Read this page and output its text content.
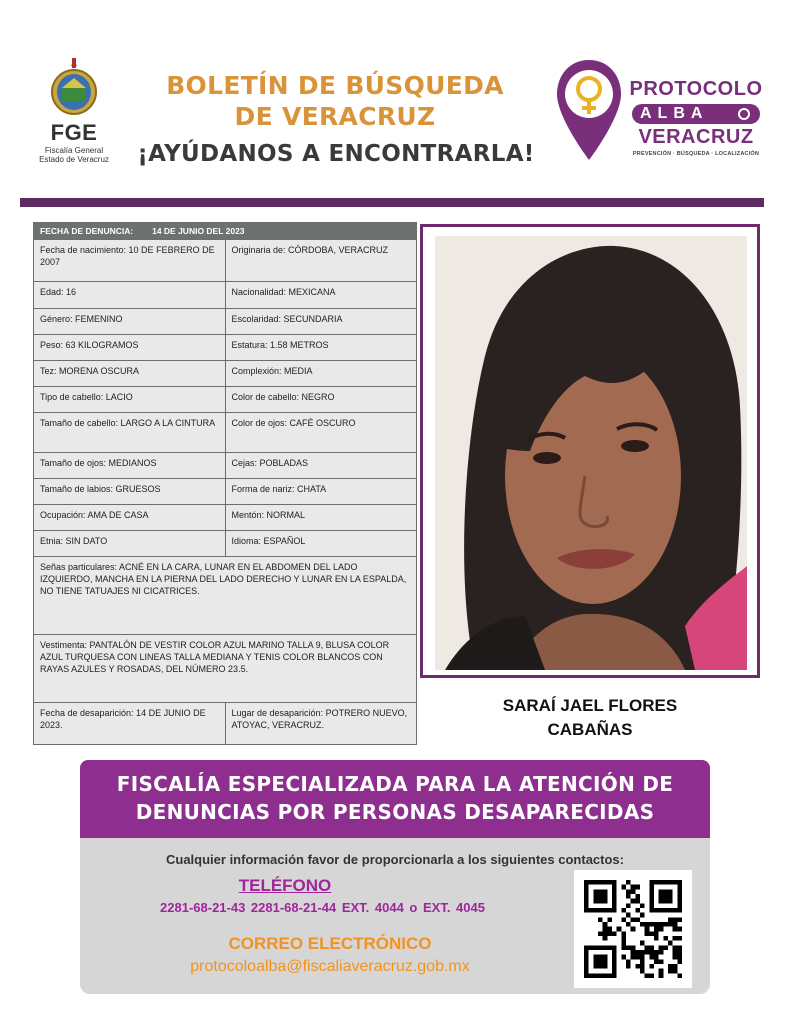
FGE
Fiscalía General
Estado de Veracruz
BOLETÍN DE BÚSQUEDA
DE VERACRUZ
¡AYÚDANOS A ENCONTRARLA!
PROTOCOLO
ALBA
VERACRUZ
PREVENCIÓN · BÚSQUEDA · LOCALIZACIÓN
FECHA DE DENUNCIA: 14 DE JUNIO DEL 2023	
Fecha de nacimiento: 10 DE FEBRERO DE 2007	Originaria de: CÓRDOBA, VERACRUZ
Edad: 16	Nacionalidad: MEXICANA
Género: FEMENINO	Escolaridad: SECUNDARIA
Peso: 63 KILOGRAMOS	Estatura: 1.58 METROS
Tez: MORENA OSCURA	Complexión: MEDIA
Tipo de cabello: LACIO	Color de cabello: NEGRO
Tamaño de cabello: LARGO A LA CINTURA	Color de ojos: CAFÉ OSCURO
Tamaño de ojos: MEDIANOS	Cejas: POBLADAS
Tamaño de labios: GRUESOS	Forma de nariz: CHATA
Ocupación: AMA DE CASA	Mentón: NORMAL
Etnia: SIN DATO	Idioma: ESPAÑOL
Señas particulares: ACNÉ EN LA CARA, LUNAR EN EL ABDOMEN DEL LADO IZQUIERDO, MANCHA EN LA PIERNA DEL LADO DERECHO Y LUNAR EN LA ESPALDA, NO TIENE TATUAJES NI CICATRICES.	
Vestimenta: PANTALÓN DE VESTIR COLOR AZUL MARINO TALLA 9, BLUSA COLOR AZUL TURQUESA CON LINEAS TALLA MEDIANA Y TENIS COLOR BLANCOS CON RAYAS AZULES Y ROSADAS, DEL NÚMERO 23.5.	
Fecha de desaparición: 14 DE JUNIO DE 2023.	Lugar de desaparición: POTRERO NUEVO, ATOYAC, VERACRUZ.
SARAÍ JAEL FLORES
CABAÑAS
FISCALÍA ESPECIALIZADA PARA LA ATENCIÓN DE
DENUNCIAS POR PERSONAS DESAPARECIDAS
Cualquier información favor de proporcionarla a los siguientes contactos:
TELÉFONO
2281-68-21-43 2281-68-21-44 EXT. 4044 o EXT. 4045
CORREO ELECTRÓNICO
protocoloalba@fiscaliaveracruz.gob.mx
